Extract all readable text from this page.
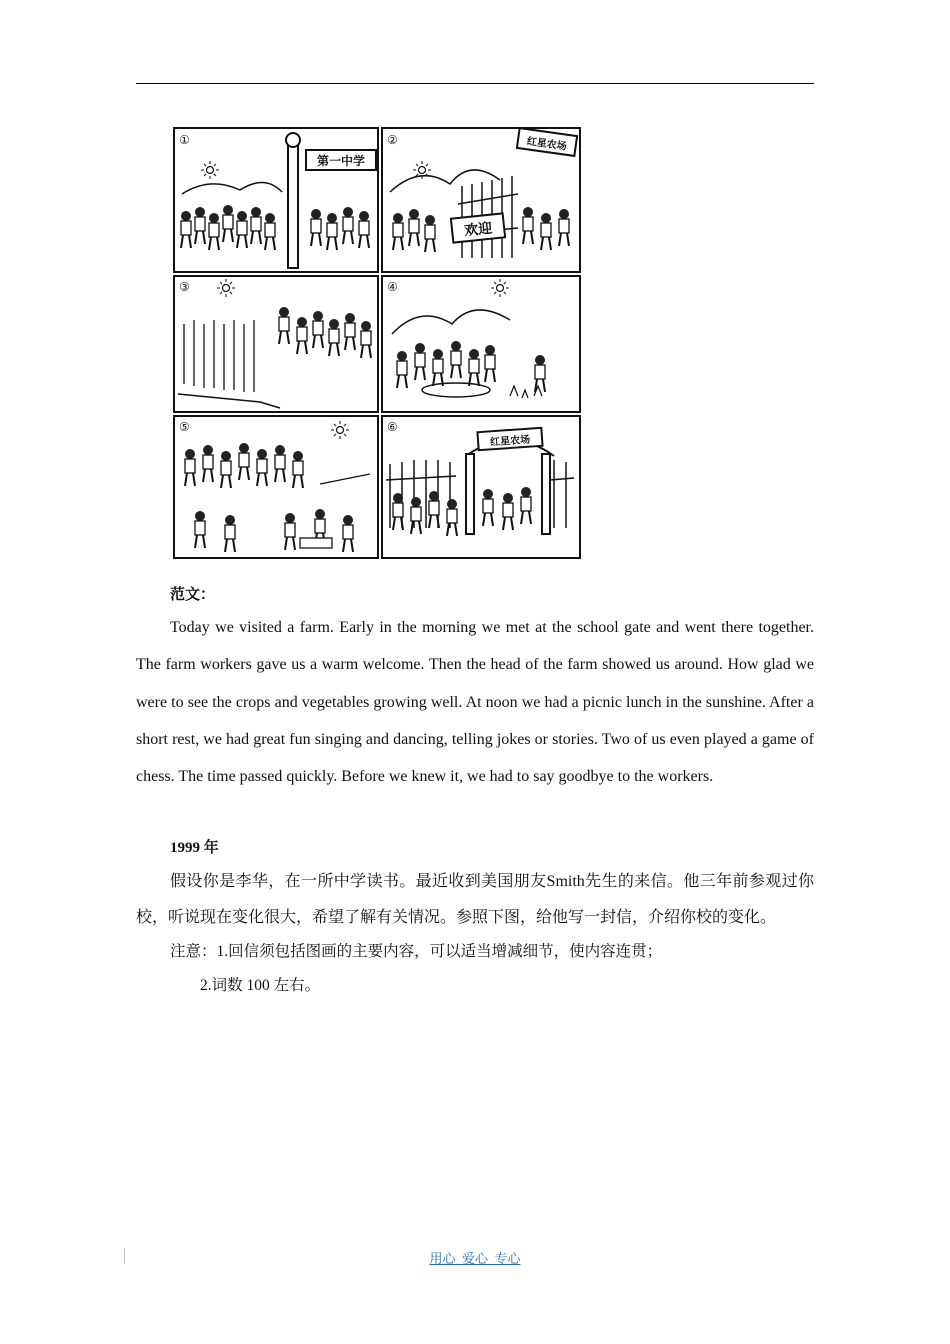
①	②
③	④
⑤	⑥
第一中学
红星农场
欢迎
红星农场
范文：
Today we visited a farm. Early in the morning we met at the school gate and went there together. The farm workers gave us a warm welcome. Then the head of the farm showed us around. How glad we were to see the crops and vegetables growing well. At noon we had a picnic lunch in the sunshine. After a short rest, we had great fun singing and dancing, telling jokes or stories. Two of us even played a game of chess. The time passed quickly. Before we knew it, we had to say goodbye to the workers.
1999 年
假设你是李华，在一所中学读书。最近收到美国朋友Smith先生的来信。他三年前参观过你校，听说现在变化很大，希望了解有关情况。参照下图，给他写一封信，介绍你校的变化。
注意：1.回信须包括图画的主要内容，可以适当增减细节，使内容连贯；
2.词数 100 左右。
用心_爱心_专心
